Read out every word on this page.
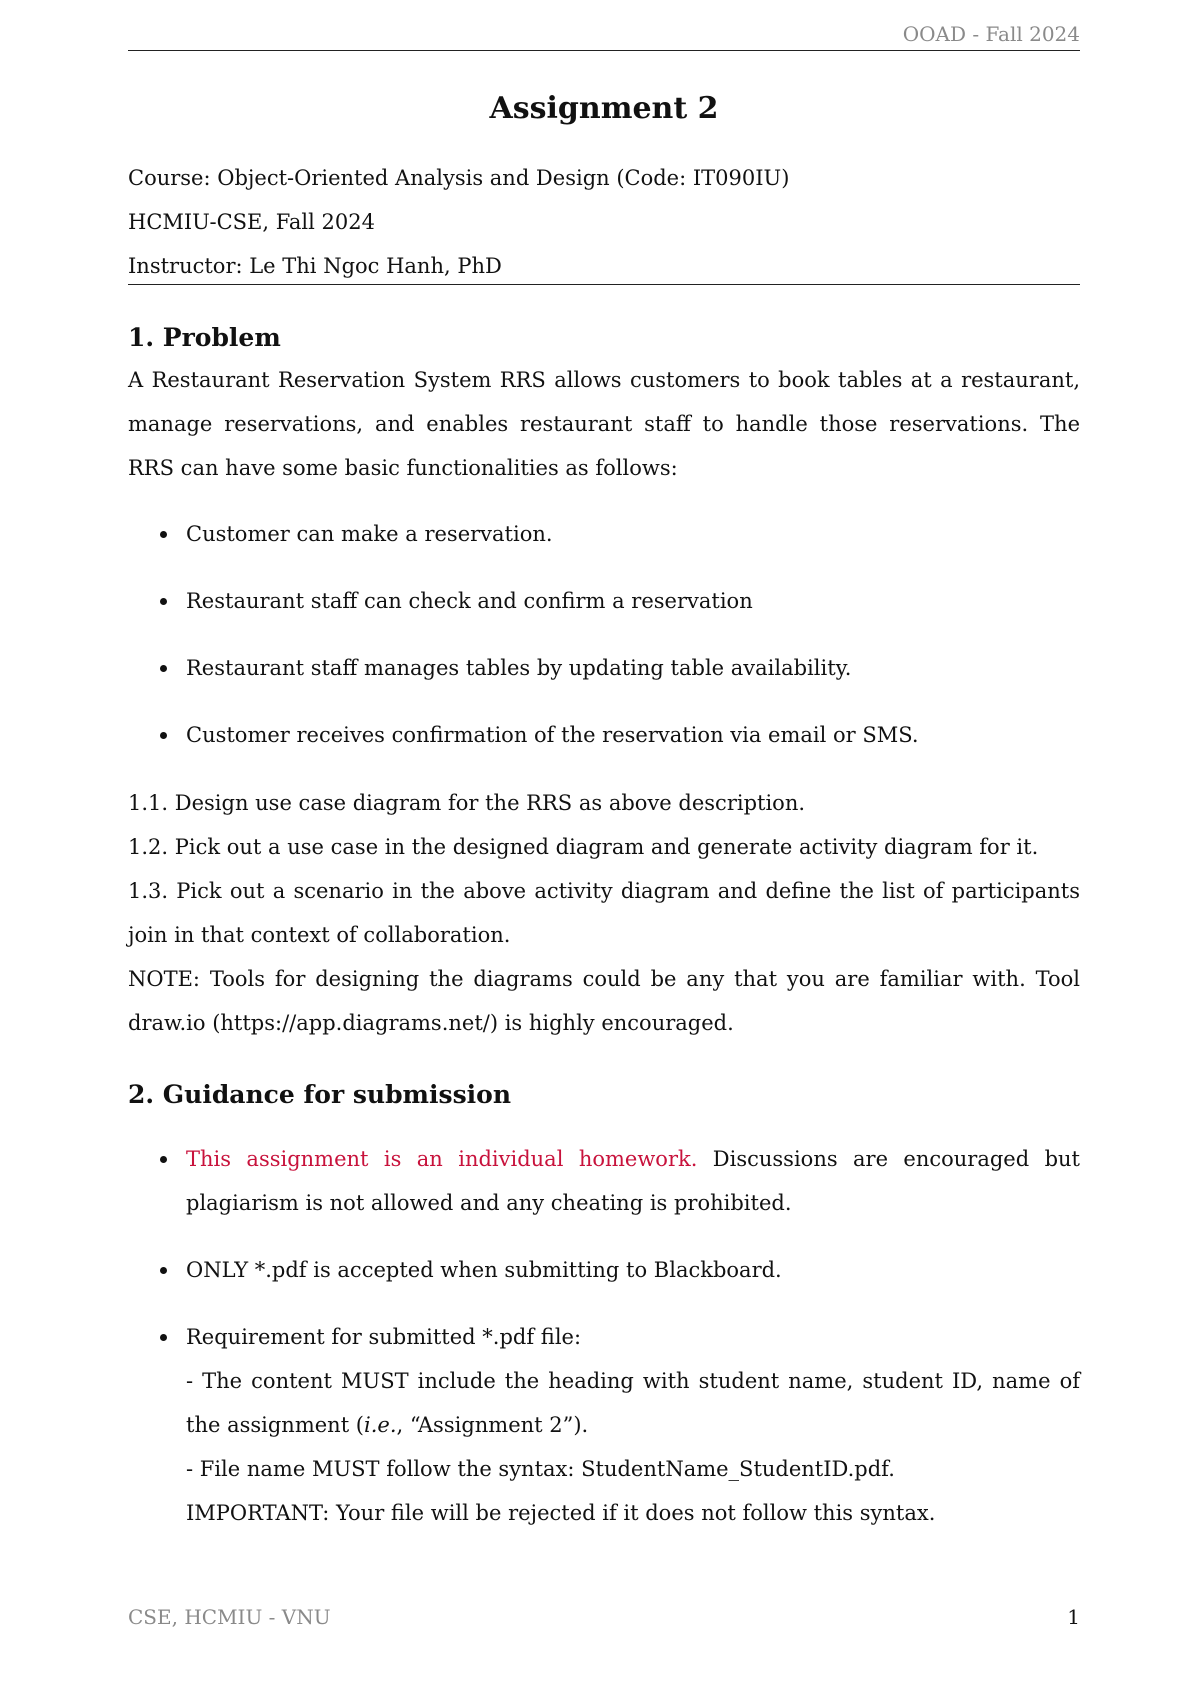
OOAD - Fall 2024
Assignment 2
Course: Object-Oriented Analysis and Design (Code: IT090IU)
HCMIU-CSE, Fall 2024
Instructor: Le Thi Ngoc Hanh, PhD
1. Problem
A Restaurant Reservation System RRS allows customers to book tables at a restaurant, manage reservations, and enables restaurant staff to handle those reservations. The RRS can have some basic functionalities as follows:
Customer can make a reservation.
Restaurant staff can check and confirm a reservation
Restaurant staff manages tables by updating table availability.
Customer receives confirmation of the reservation via email or SMS.
1.1. Design use case diagram for the RRS as above description.
1.2. Pick out a use case in the designed diagram and generate activity diagram for it.
1.3. Pick out a scenario in the above activity diagram and define the list of participants join in that context of collaboration.
NOTE: Tools for designing the diagrams could be any that you are familiar with. Tool draw.io (https://app.diagrams.net/) is highly encouraged.
2. Guidance for submission
This assignment is an individual homework. Discussions are encouraged but plagiarism is not allowed and any cheating is prohibited.
ONLY *.pdf is accepted when submitting to Blackboard.
Requirement for submitted *.pdf file:
- The content MUST include the heading with student name, student ID, name of the assignment (i.e., “Assignment 2”).
- File name MUST follow the syntax: StudentName_StudentID.pdf.
IMPORTANT: Your file will be rejected if it does not follow this syntax.
CSE, HCMIU - VNU	1
